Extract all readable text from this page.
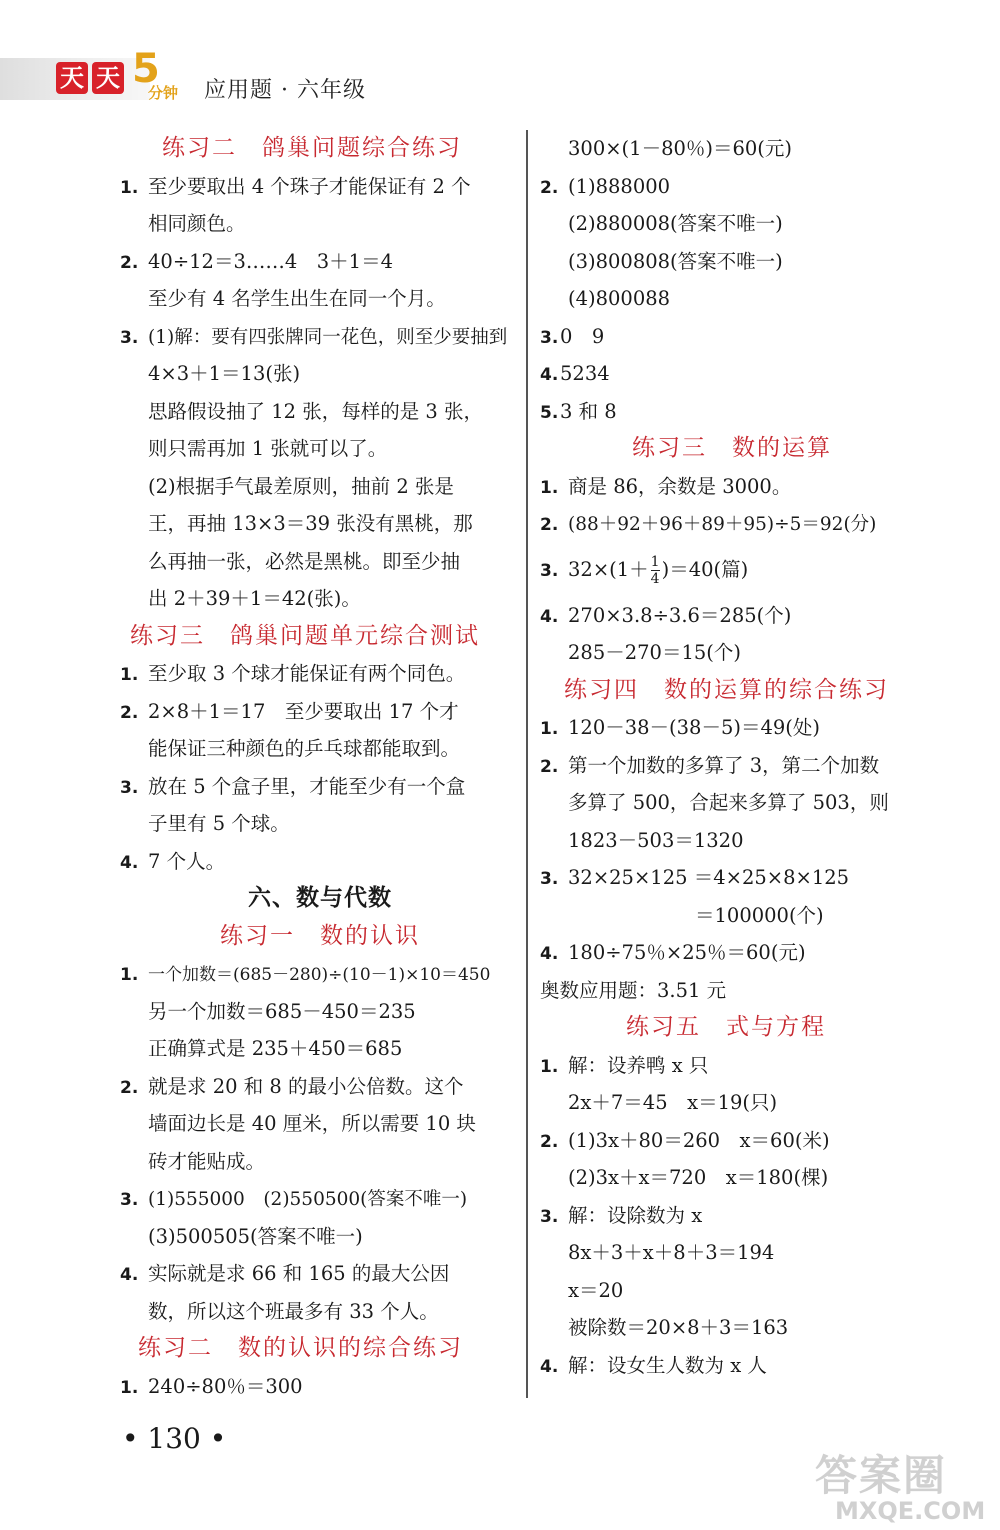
天 天 5
分钟 应用题 · 六年级
练习二　鸽巢问题综合练习
1. 至少要取出 4 个珠子才能保证有 2 个
相同颜色。
2. 40÷12＝3……4　3＋1＝4
至少有 4 名学生出生在同一个月。
3. (1)解：要有四张牌同一花色，则至少要抽到
4×3＋1＝13(张)
思路假设抽了 12 张，每样的是 3 张，
则只需再加 1 张就可以了。
(2)根据手气最差原则，抽前 2 张是
王，再抽 13×3＝39 张没有黑桃，那
么再抽一张，必然是黑桃。即至少抽
出 2＋39＋1＝42(张)。
练习三　鸽巢问题单元综合测试
1. 至少取 3 个球才能保证有两个同色。
2. 2×8＋1＝17　至少要取出 17 个才
能保证三种颜色的乒乓球都能取到。
3. 放在 5 个盒子里，才能至少有一个盒
子里有 5 个球。
4. 7 个人。
六、数与代数
练习一　数的认识
1. 一个加数＝(685－280)÷(10－1)×10＝450
另一个加数＝685－450＝235
正确算式是 235＋450＝685
2. 就是求 20 和 8 的最小公倍数。这个
墙面边长是 40 厘米，所以需要 10 块
砖才能贴成。
3. (1)555000　(2)550500(答案不唯一)
(3)500505(答案不唯一)
4. 实际就是求 66 和 165 的最大公因
数，所以这个班最多有 33 个人。
练习二　数的认识的综合练习
1. 240÷80％＝300
300×(1－80％)＝60(元)
2. (1)888000
(2)880008(答案不唯一)
(3)800808(答案不唯一)
(4)800088
3.0　9
4.5234
5.3 和 8
练习三　数的运算
1. 商是 86，余数是 3000。
2. (88＋92＋96＋89＋95)÷5＝92(分)
3. $32\times(1+ \frac{1}{4} )=40$(篇)
4. 270×3.8÷3.6＝285(个)
285－270＝15(个)
练习四　数的运算的综合练习
1. 120－38－(38－5)＝49(处)
2. 第一个加数的多算了 3，第二个加数
多算了 500，合起来多算了 503，则
1823－503＝1320
3. 32×25×125 ＝4×25×8×125
＝100000(个)
4. 180÷75％×25％＝60(元)
奥数应用题：3.51 元
练习五　式与方程
1. 解：设养鸭 x 只
2x＋7＝45　x＝19(只)
2. (1)3x＋80＝260　x＝60(米)
(2)3x＋x＝720　x＝180(棵)
3. 解：设除数为 x
8x＋3＋x＋8＋3＝194
x＝20
被除数＝20×8＋3＝163
4. 解：设女生人数为 x 人
• 130 •
答案圈
MXQE.COM
